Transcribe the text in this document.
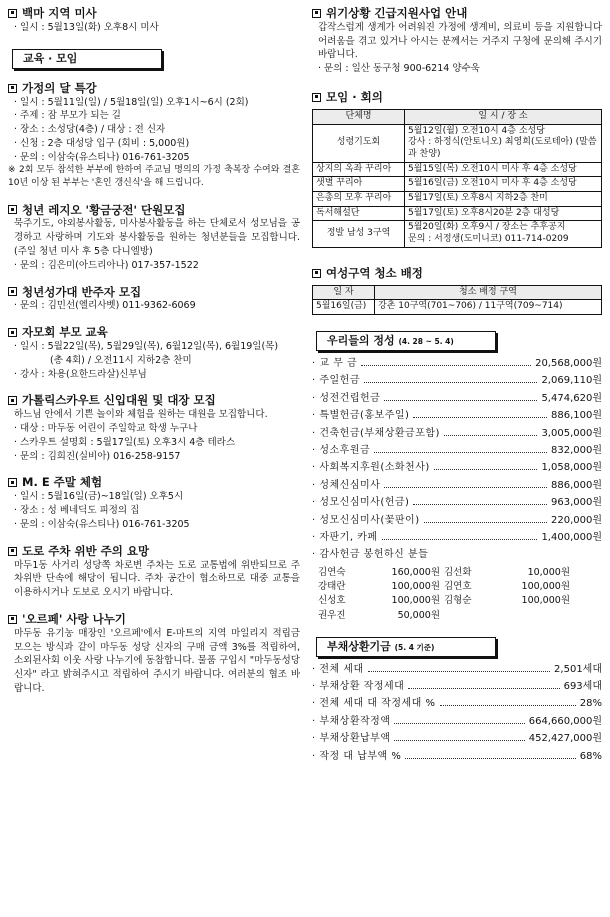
백마 지역 미사
· 일시 : 5월13일(화) 오후8시 미사
교육 · 모임
가정의 달 특강
· 일시 : 5월11일(일) / 5월18일(일) 오후1시~6시 (2회)
· 주제 : 잠 부모가 되는 길
· 장소 : 소성당(4층) / 대상 : 전 신자
· 신청 : 2층 대성당 입구 (회비 : 5,000원)
· 문의 : 이삼숙(유스티나) 016-761-3205
※ 2회 모두 참석한 부부에 한하여 주교님 명의의 가정 축복장 수여와 결혼 10년 이상 된 부부는 '혼인 갱신식'을 해 드립니다.
청년 레지오 '황금궁전' 단원모집
묵주기도, 야외봉사활동, 미사봉사활동을 하는 단체로서 성모님을 공경하고 사랑하며 기도와 봉사활동을 원하는 청년분들을 모집합니다. (주일 청년 미사 후 5층 다니엘방)
· 문의 : 김은미(아드리아나) 017-357-1522
청년성가대 반주자 모집
· 문의 : 김민선(엘리사벳) 011-9362-6069
자모회 부모 교육
· 일시 : 5월22일(목), 5월29일(목), 6월12일(목), 6월19일(목)
(총 4회) / 오전11시 지하2층 찬미
· 강사 : 차용(요한드라살)신부님
가톨릭스카우트 신입대원 및 대장 모집
하느님 안에서 기쁜 놀이와 체험을 원하는 대원을 모집합니다.
· 대상 : 마두동 어린이 주일학교 학생 누구나
· 스카우트 설명회 : 5월17일(토) 오후3시 4층 테라스
· 문의 : 김희진(실비아) 016-258-9157
M. E 주말 체험
· 일시 : 5월16일(금)~18일(일) 오후5시
· 장소 : 성 베네딕도 피정의 집
· 문의 : 이삼숙(유스티나) 016-761-3205
도로 주차 위반 주의 요망
마두1동 사거리 성당쪽 차로변 주차는 도로 교통법에 위반되므로 주차위반 단속에 해당이 됩니다. 주차 공간이 협소하므로 대중 교통을 이용하시거나 도보로 오시기 바랍니다.
'오르페' 사랑 나누기
마두동 유기농 매장인 '오르페'에서 E-마트의 지역 마일리지 적립금 모으는 방식과 같이 마두동 성당 신자의 구매 금액 3%를 적립하여, 소외된사회 이웃 사랑 나누기에 동참합니다. 물품 구입시 "마두동성당 신자" 라고 밝혀주시고 적립하여 주시기 바랍니다. 여러분의 협조 바랍니다.
위기상황 긴급지원사업 안내
갑작스럽게 생계가 어려워진 가정에 생계비, 의료비 등을 지원합니다 어려움을 겪고 있거나 아시는 분께서는 거주지 구청에 문의해 주시기 바랍니다.
· 문의 : 일산 동구청 900-6214 양수욱
모임 · 회의
단체명	일 시 / 장 소
성령기도회	5월12일(월) 오전10시 4층 소성당
강사 : 하정식(안토니오) 최영희(도로테아) (말씀과 찬양)
상지의 옥좌 꾸리아	5월15일(목) 오전10시 미사 후 4층 소성당
샛별 꾸리아	5월16일(금) 오전10시 미사 후 4층 소성당
은총의 모후 꾸리아	5월17일(토) 오후8시 지하2층 찬미
독서해설단	5월17일(토) 오후8시20분 2층 대성당
정발 남성 3구역	5월20일(화) 오후9시 / 장소는 추후공지
문의 : 서정생(도미니코) 011-714-0209
여성구역 청소 배정
일 자	청소 배정 구역
5월16일(금)	강촌 10구역(701~706) / 11구역(709~714)
우리들의 정성 (4. 28 ~ 5. 4)
· 교 무 금	20,568,000원
· 주일헌금	2,069,110원
· 성전건립헌금	5,474,620원
· 특별헌금(홍보주일)	886,100원
· 건축헌금(부채상환금포함)	3,005,000원
· 성소후원금	832,000원
· 사회복지후원(소화천사)	1,058,000원
· 성체신심미사	886,000원
· 성모신심미사(헌금)	963,000원
· 성모신심미사(꽃판이)	220,000원
· 자판기, 카페	1,400,000원
· 감사헌금 봉헌하신 분들
김연숙	160,000원 김선화	10,000원
강태란	100,000원 김연호	100,000원
신성호	100,000원 김형순	100,000원
권우진	50,000원
부채상환기금 (5. 4 기준)
· 전체 세대	2,501세대
· 부채상환 작정세대	693세대
· 전체 세대 대 작정세대 %	28%
· 부채상환작정액	664,660,000원
· 부채상환납부액	452,427,000원
· 작정 대 납부액 %	68%
